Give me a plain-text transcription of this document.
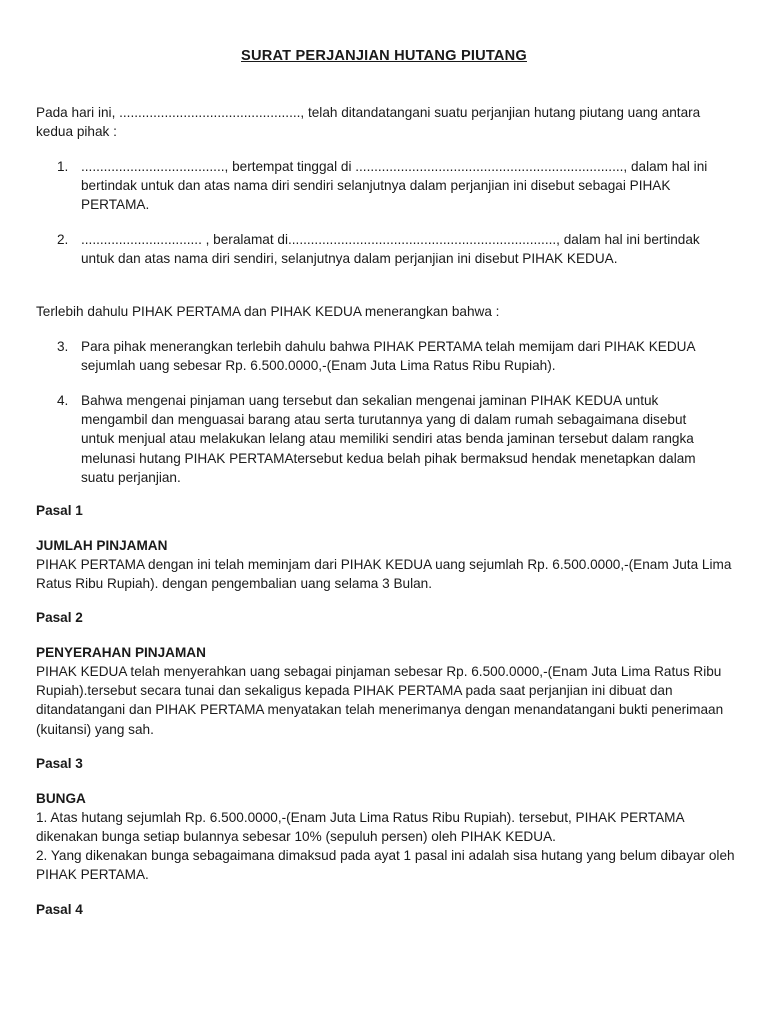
SURAT PERJANJIAN HUTANG PIUTANG

Pada hari ini, ................................................, telah ditandatangani suatu perjanjian hutang piutang uang antara kedua pihak :

1. ......................................, bertempat tinggal di ......................................................................., dalam hal ini bertindak untuk dan atas nama diri sendiri selanjutnya dalam perjanjian ini disebut sebagai PIHAK PERTAMA.
2. ................................ , beralamat di......................................................................., dalam hal ini bertindak untuk dan atas nama diri sendiri, selanjutnya dalam perjanjian ini disebut PIHAK KEDUA.

Terlebih dahulu PIHAK PERTAMA dan PIHAK KEDUA menerangkan bahwa :

3. Para pihak menerangkan terlebih dahulu bahwa PIHAK PERTAMA telah memijam dari PIHAK KEDUA sejumlah uang sebesar Rp. 6.500.0000,-(Enam Juta Lima Ratus Ribu Rupiah).
4. Bahwa mengenai pinjaman uang tersebut dan sekalian mengenai jaminan PIHAK KEDUA untuk mengambil dan menguasai barang atau serta turutannya yang di dalam rumah sebagaimana disebut untuk menjual atau melakukan lelang atau memiliki sendiri atas benda jaminan tersebut dalam rangka melunasi hutang PIHAK PERTAMAtersebut kedua belah pihak bermaksud hendak menetapkan dalam suatu perjanjian.

Pasal 1

JUMLAH PINJAMAN

PIHAK PERTAMA dengan ini telah meminjam dari PIHAK KEDUA uang sejumlah Rp. 6.500.0000,-(Enam Juta Lima Ratus Ribu Rupiah). dengan pengembalian uang selama 3 Bulan.

Pasal 2

PENYERAHAN PINJAMAN

PIHAK KEDUA telah menyerahkan uang sebagai pinjaman sebesar Rp. 6.500.0000,-(Enam Juta Lima Ratus Ribu Rupiah).tersebut secara tunai dan sekaligus kepada PIHAK PERTAMA pada saat perjanjian ini dibuat dan ditandatangani dan PIHAK PERTAMA menyatakan telah menerimanya dengan menandatangani bukti penerimaan (kuitansi) yang sah.

Pasal 3

BUNGA

1. Atas hutang sejumlah Rp. 6.500.0000,-(Enam Juta Lima Ratus Ribu Rupiah). tersebut, PIHAK PERTAMA dikenakan bunga setiap bulannya sebesar 10% (sepuluh persen) oleh PIHAK KEDUA.

2. Yang dikenakan bunga sebagaimana dimaksud pada ayat 1 pasal ini adalah sisa hutang yang belum dibayar oleh PIHAK PERTAMA.

Pasal 4
